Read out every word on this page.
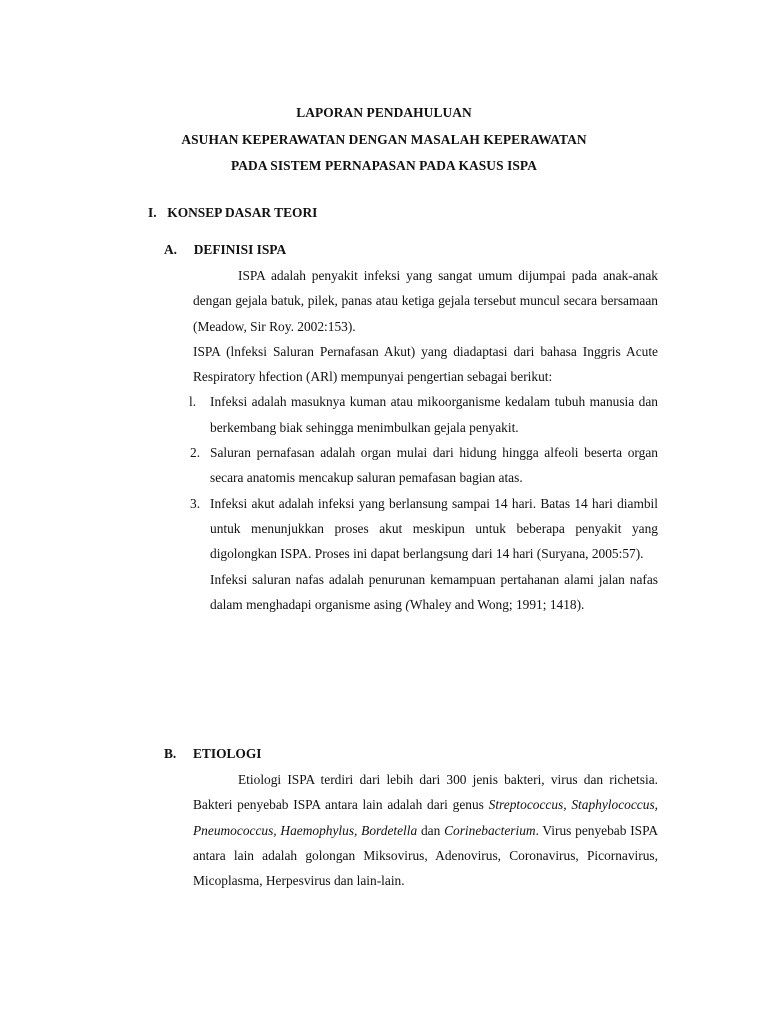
LAPORAN PENDAHULUAN
ASUHAN KEPERAWATAN DENGAN MASALAH KEPERAWATAN
PADA SISTEM PERNAPASAN PADA KASUS ISPA
I. KONSEP DASAR TEORI
A. DEFINISI ISPA

ISPA adalah penyakit infeksi yang sangat umum dijumpai pada anak-anak dengan gejala batuk, pilek, panas atau ketiga gejala tersebut muncul secara bersamaan (Meadow, Sir Roy. 2002:153).

ISPA (lnfeksi Saluran Pernafasan Akut) yang diadaptasi dari bahasa Inggris Acute Respiratory hfection (ARl) mempunyai pengertian sebagai berikut:

l. Infeksi adalah masuknya kuman atau mikoorganisme kedalam tubuh manusia dan berkembang biak sehingga menimbulkan gejala penyakit.
2. Saluran pernafasan adalah organ mulai dari hidung hingga alfeoli beserta organ secara anatomis mencakup saluran pemafasan bagian atas.
3. Infeksi akut adalah infeksi yang berlansung sampai 14 hari. Batas 14 hari diambil untuk menunjukkan proses akut meskipun untuk beberapa penyakit yang digolongkan ISPA. Proses ini dapat berlangsung dari 14 hari (Suryana, 2005:57).

Infeksi saluran nafas adalah penurunan kemampuan pertahanan alami jalan nafas dalam menghadapi organisme asing (Whaley and Wong; 1991; 1418).

B. ETIOLOGI

Etiologi ISPA terdiri dari lebih dari 300 jenis bakteri, virus dan richetsia. Bakteri penyebab ISPA antara lain adalah dari genus Streptococcus, Staphylococcus, Pneumococcus, Haemophylus, Bordetella dan Corinebacterium. Virus penyebab ISPA antara lain adalah golongan Miksovirus, Adenovirus, Coronavirus, Picornavirus, Micoplasma, Herpesvirus dan lain-lain.
